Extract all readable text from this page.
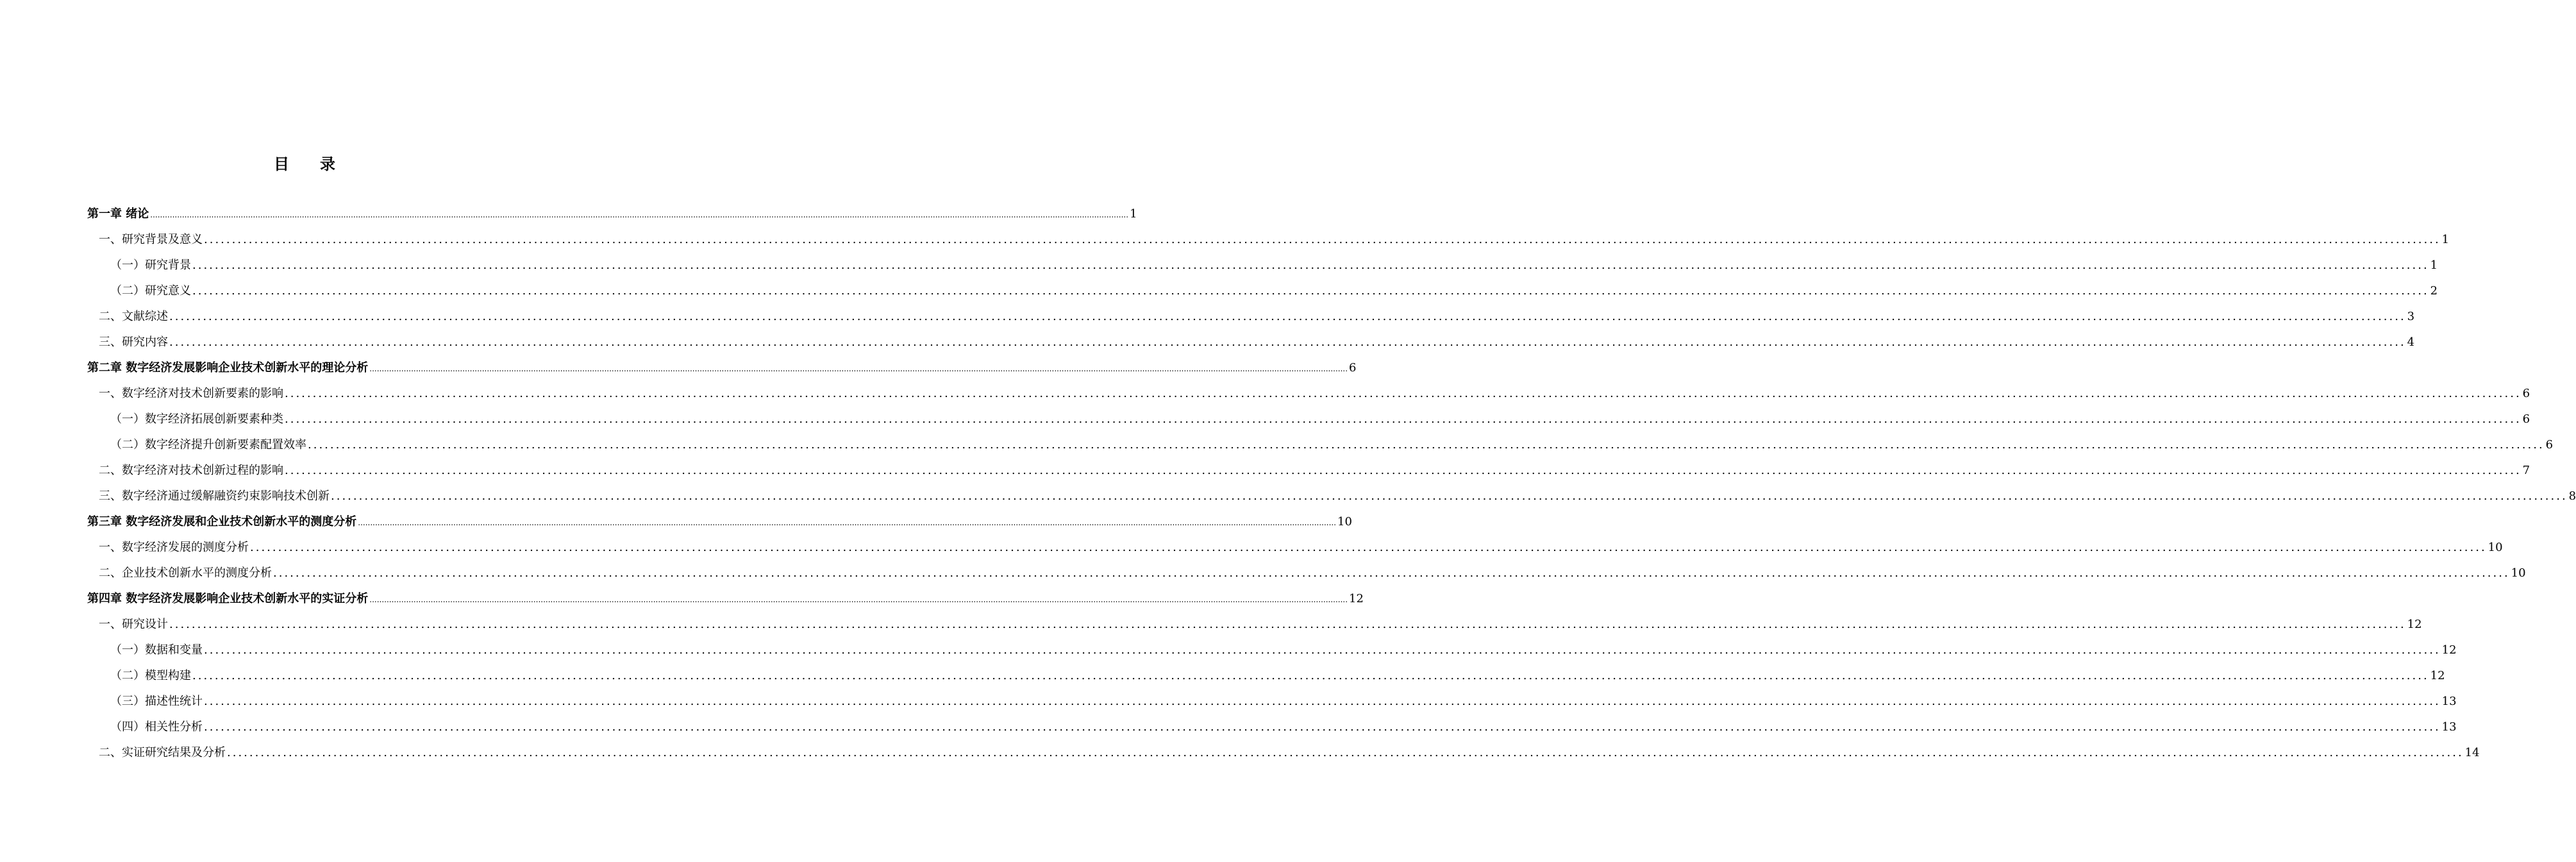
目录
第一章 绪论 ................................................................................................................................................................................................................................................................................................................................................................................................................ 1
一、研究背景及意义 ................................................................................................................................................................................................................................................................................................................................................................................................................ 1
（一）研究背景 ................................................................................................................................................................................................................................................................................................................................................................................................................ 1
（二）研究意义 ................................................................................................................................................................................................................................................................................................................................................................................................................ 2
二、文献综述 ................................................................................................................................................................................................................................................................................................................................................................................................................ 3
三、研究内容 ................................................................................................................................................................................................................................................................................................................................................................................................................ 4
第二章 数字经济发展影响企业技术创新水平的理论分析 ................................................................................................................................................................................................................................................................................................................................................................................................................ 6
一、数字经济对技术创新要素的影响 ................................................................................................................................................................................................................................................................................................................................................................................................................ 6
（一）数字经济拓展创新要素种类 ................................................................................................................................................................................................................................................................................................................................................................................................................ 6
（二）数字经济提升创新要素配置效率 ................................................................................................................................................................................................................................................................................................................................................................................................................ 6
二、数字经济对技术创新过程的影响 ................................................................................................................................................................................................................................................................................................................................................................................................................ 7
三、数字经济通过缓解融资约束影响技术创新 ................................................................................................................................................................................................................................................................................................................................................................................................................ 8
第三章 数字经济发展和企业技术创新水平的测度分析 ................................................................................................................................................................................................................................................................................................................................................................................................................ 10
一、数字经济发展的测度分析 ................................................................................................................................................................................................................................................................................................................................................................................................................ 10
二、企业技术创新水平的测度分析 ................................................................................................................................................................................................................................................................................................................................................................................................................ 10
第四章 数字经济发展影响企业技术创新水平的实证分析 ................................................................................................................................................................................................................................................................................................................................................................................................................ 12
一、研究设计 ................................................................................................................................................................................................................................................................................................................................................................................................................ 12
（一）数据和变量 ................................................................................................................................................................................................................................................................................................................................................................................................................ 12
（二）模型构建 ................................................................................................................................................................................................................................................................................................................................................................................................................ 12
（三）描述性统计 ................................................................................................................................................................................................................................................................................................................................................................................................................ 13
（四）相关性分析 ................................................................................................................................................................................................................................................................................................................................................................................................................ 13
二、实证研究结果及分析 ................................................................................................................................................................................................................................................................................................................................................................................................................ 14
